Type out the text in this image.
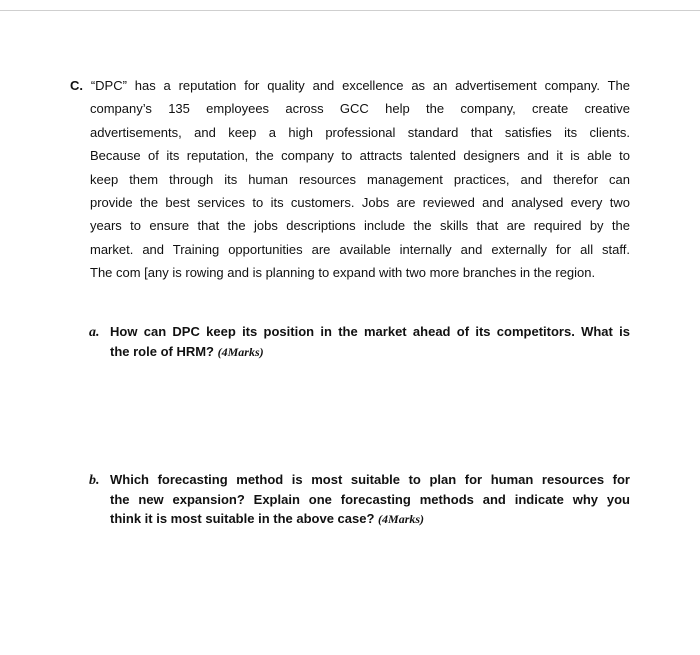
C. “DPC” has a reputation for quality and excellence as an advertisement company. The
company’s 135 employees across GCC help the company, create creative
advertisements, and keep a high professional standard that satisfies its clients.
Because of its reputation, the company to attracts talented designers and it is able to
keep them through its human resources management practices, and therefor can
provide the best services to its customers. Jobs are reviewed and analysed every two
years to ensure that the jobs descriptions include the skills that are required by the
market. and Training opportunities are available internally and externally for all staff.
The com [any is rowing and is planning to expand with two more branches in the region.
a. How can DPC keep its position in the market ahead of its competitors. What is
the role of HRM? (4Marks)
b. Which forecasting method is most suitable to plan for human resources for
the new expansion? Explain one forecasting methods and indicate why you
think it is most suitable in the above case? (4Marks)
